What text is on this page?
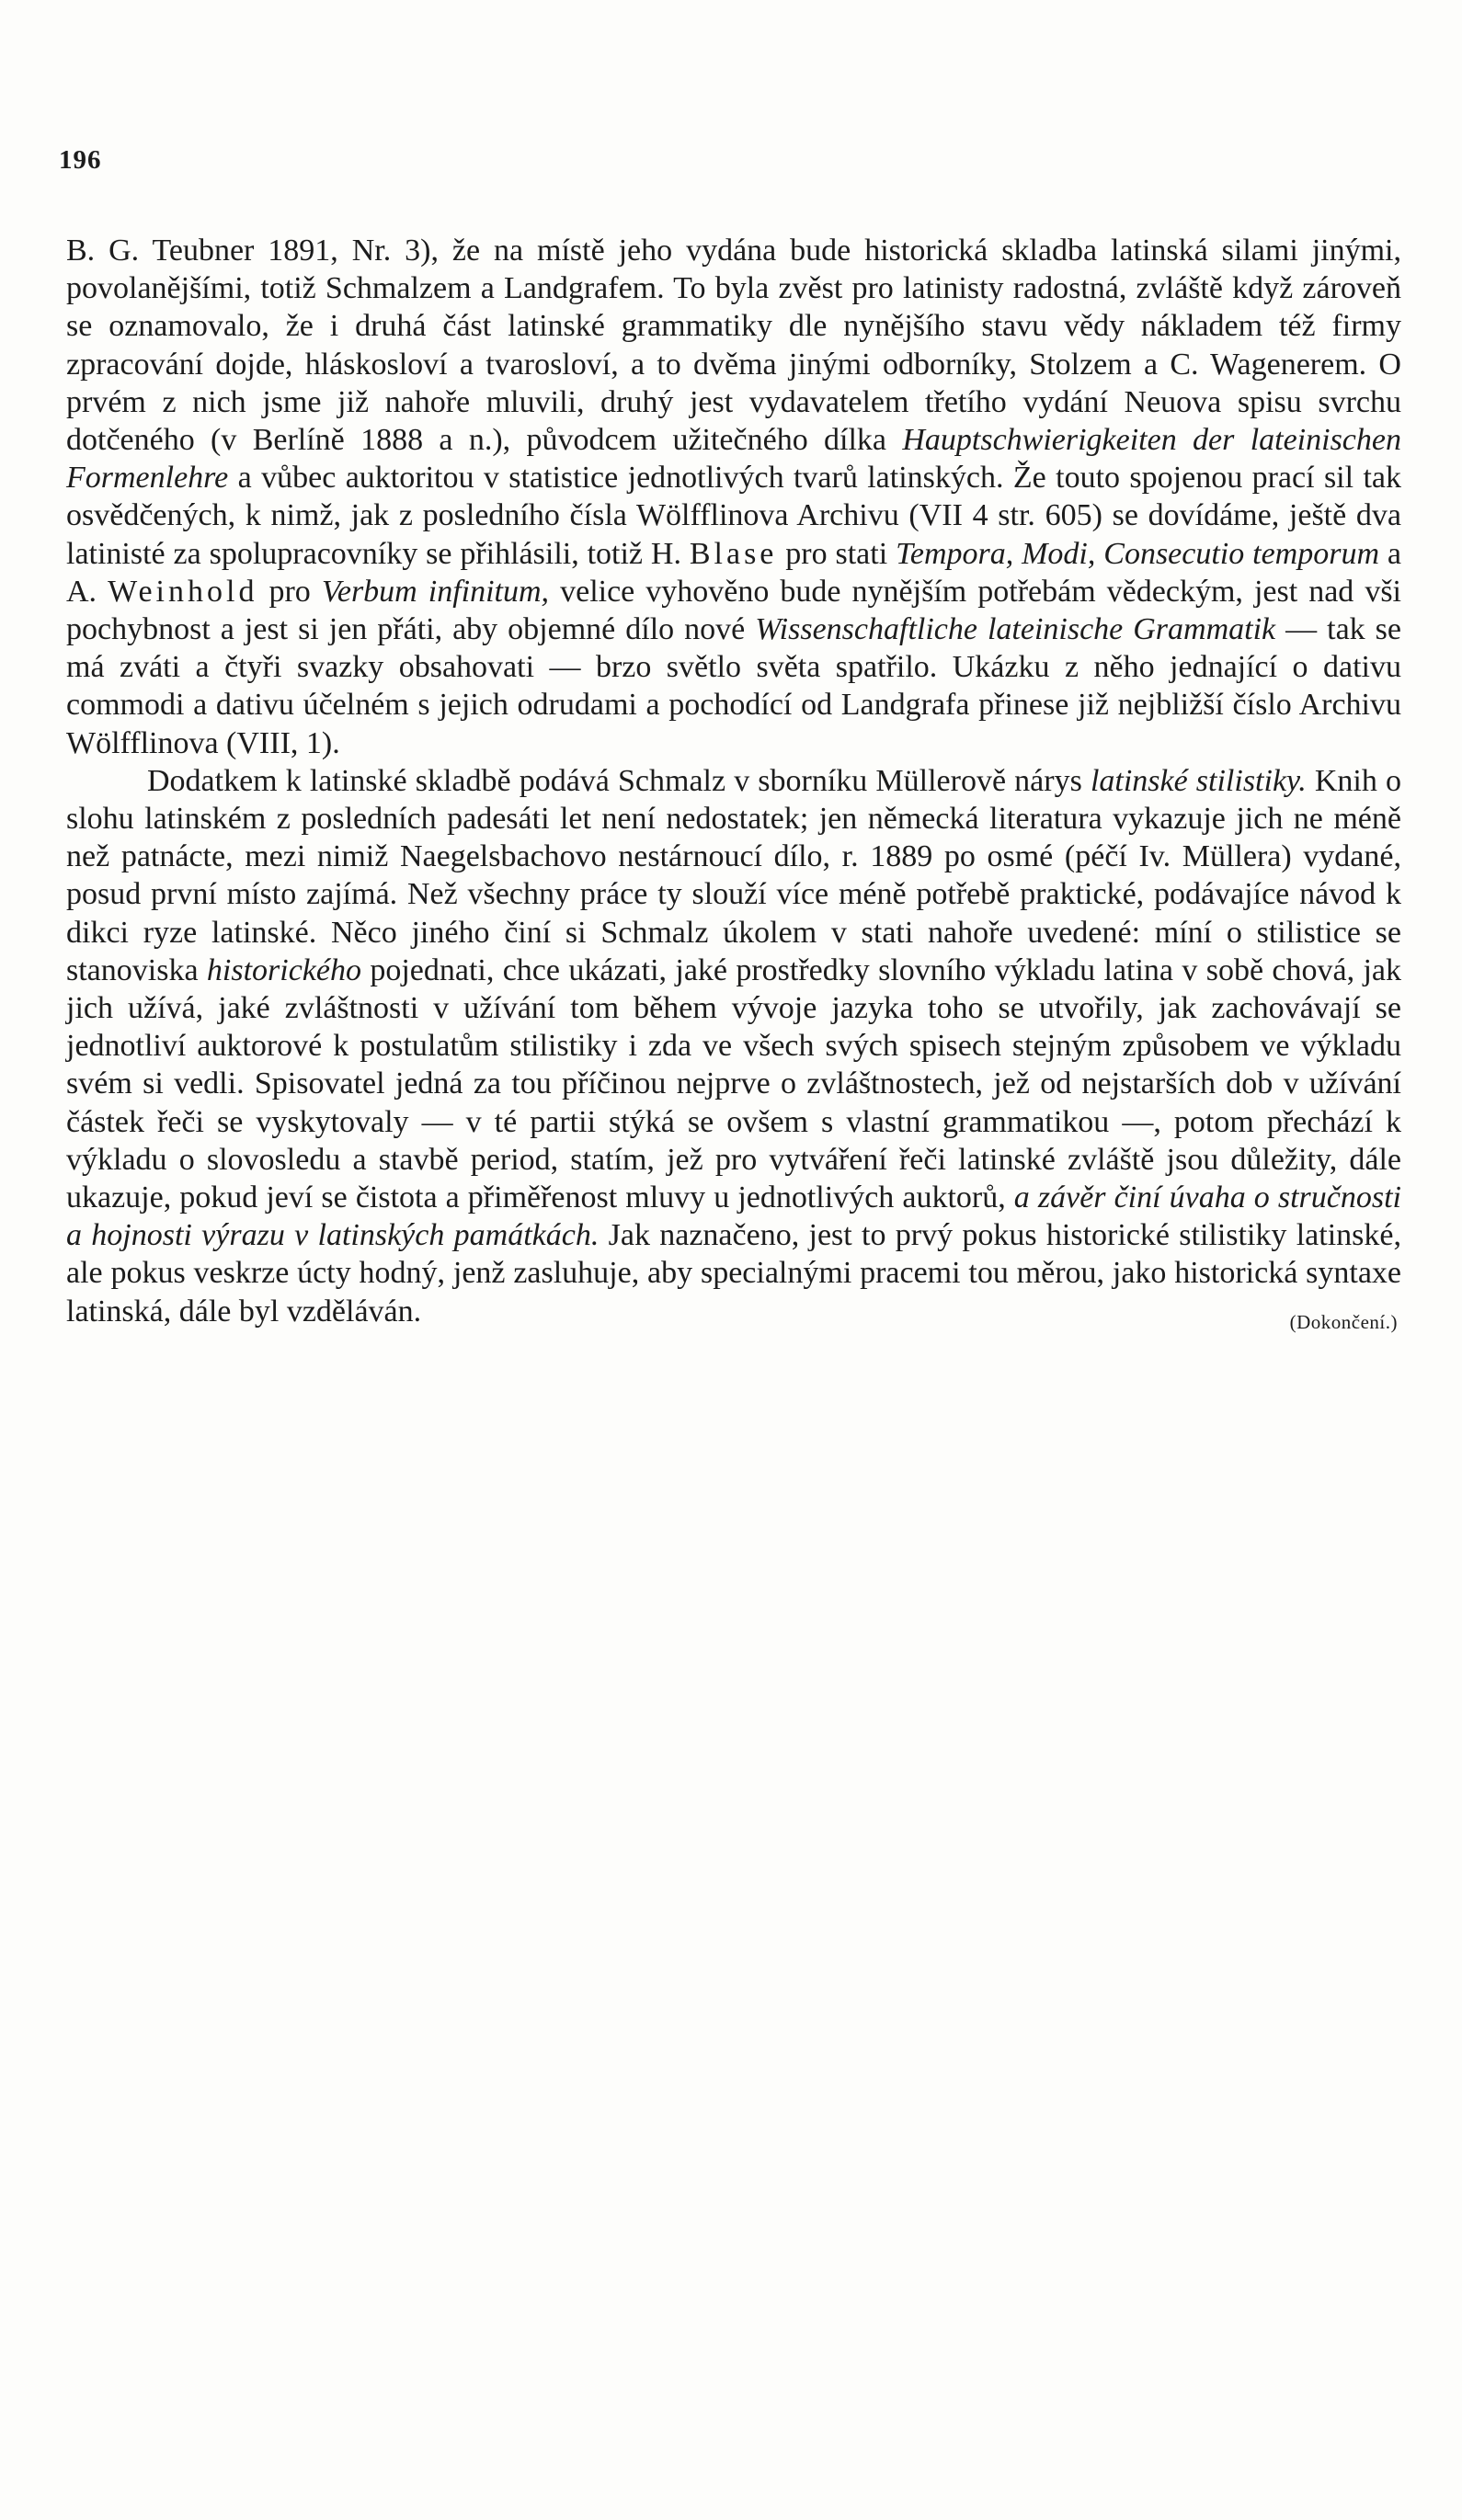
196

B. G. Teubner 1891, Nr. 3), že na místě jeho vydána bude historická skladba latinská silami jinými, povolanějšími, totiž Schmalzem a Landgrafem. To byla zvěst pro latinisty radostná, zvláště když zároveň se oznamovalo, že i druhá část latinské grammatiky dle nynějšího stavu vědy nákladem též firmy zpracování dojde, hláskosloví a tvarosloví, a to dvěma jinými odborníky, Stolzem a C. Wagenerem. O prvém z nich jsme již nahoře mluvili, druhý jest vydavatelem třetího vydání Neuova spisu svrchu dotčeného (v Berlíně 1888 a n.), původcem užitečného dílka Hauptschwierigkeiten der lateinischen Formenlehre a vůbec auktoritou v statistice jednotlivých tvarů latinských. Že touto spojenou prací sil tak osvědčených, k nimž, jak z posledního čísla Wölfflinova Archivu (VII 4 str. 605) se dovídáme, ještě dva latinisté za spolupracovníky se přihlásili, totiž H. Blase pro stati Tempora, Modi, Consecutio temporum a A. Weinhold pro Verbum infinitum, velice vyhověno bude nynějším potřebám vědeckým, jest nad vši pochybnost a jest si jen přáti, aby objemné dílo nové Wissenschaftliche lateinische Grammatik — tak se má zváti a čtyři svazky obsahovati — brzo světlo světa spatřilo. Ukázku z něho jednající o dativu commodi a dativu účelném s jejich odrudami a pochodící od Landgrafa přinese již nejbližší číslo Archivu Wölfflinova (VIII, 1).

Dodatkem k latinské skladbě podává Schmalz v sborníku Müllerově nárys latinské stilistiky. Knih o slohu latinském z posledních padesáti let není nedostatek; jen německá literatura vykazuje jich ne méně než patnácte, mezi nimiž Naegelsbachovo nestárnoucí dílo, r. 1889 po osmé (péčí Iv. Müllera) vydané, posud první místo zajímá. Než všechny práce ty slouží více méně potřebě praktické, podávajíce návod k dikci ryze latinské. Něco jiného činí si Schmalz úkolem v stati nahoře uvedené: míní o stilistice se stanoviska historického pojednati, chce ukázati, jaké prostředky slovního výkladu latina v sobě chová, jak jich užívá, jaké zvláštnosti v užívání tom během vývoje jazyka toho se utvořily, jak zachovávají se jednotliví auktorové k postulatům stilistiky i zda ve všech svých spisech stejným způsobem ve výkladu svém si vedli. Spisovatel jedná za tou příčinou nejprve o zvláštnostech, jež od nejstarších dob v užívání částek řeči se vyskytovaly — v té partii stýká se ovšem s vlastní grammatikou —, potom přechází k výkladu o slovosledu a stavbě period, statím, jež pro vytváření řeči latinské zvláště jsou důležity, dále ukazuje, pokud jeví se čistota a přiměřenost mluvy u jednotlivých auktorů, a závěr činí úvaha o stručnosti a hojnosti výrazu v latinských památkách. Jak naznačeno, jest to prvý pokus historické stilistiky latinské, ale pokus veskrze úcty hodný, jenž zasluhuje, aby specialnými pracemi tou měrou, jako historická syntaxe latinská, dále byl vzděláván.	(Dokončení.)
